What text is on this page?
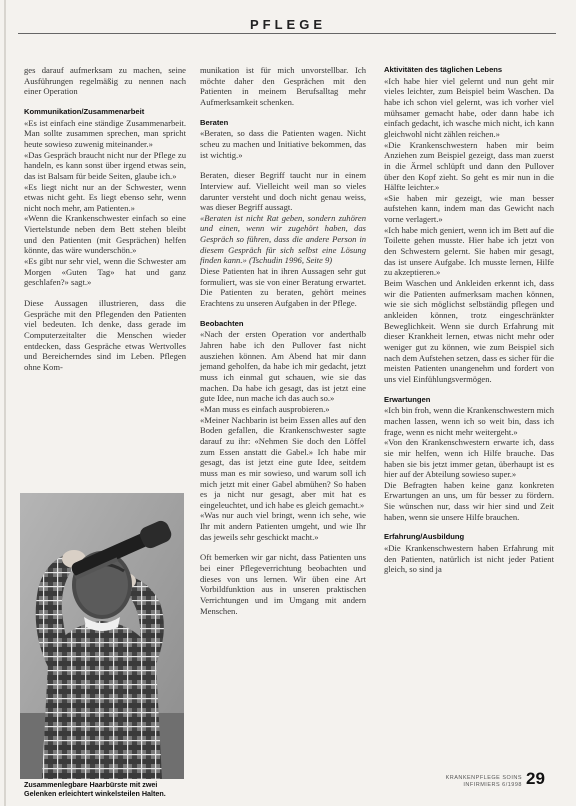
PFLEGE

ges darauf aufmerksam zu machen, seine Ausführungen regelmäßig zu nennen nach einer Operation

Kommunikation/Zusammenarbeit

«Es ist einfach eine ständige Zusammenarbeit. Man sollte zusammen sprechen, man spricht heute sowieso zuwenig miteinander.»

«Das Gespräch braucht nicht nur der Pflege zu handeln, es kann sonst über irgend etwas sein, das ist Balsam für beide Seiten, glaube ich.»

«Es liegt nicht nur an der Schwester, wenn etwas nicht geht. Es liegt ebenso sehr, wenn nicht noch mehr, am Patienten.»

«Wenn die Krankenschwester einfach so eine Viertelstunde neben dem Bett stehen bleibt und den Patienten (mit Gesprächen) helfen könnte, das wäre wunderschön.»

«Es gibt nur sehr viel, wenn die Schwester am Morgen «Guten Tag» hat und ganz geschlafen?» sagt.»

Diese Aussagen illustrieren, dass die Gespräche mit den Pflegenden den Patienten viel bedeuten. Ich denke, dass gerade im Computerzeitalter die Menschen wieder entdecken, dass Gespräche etwas Wertvolles und Bereicherndes sind im Leben. Pflegen ohne Kom-

Zusammenlegbare Haarbürste mit zwei Gelenken erleichtert winkelsteilen Halten.

munikation ist für mich unvorstellbar. Ich möchte daher den Gesprächen mit den Patienten in meinem Berufsalltag mehr Aufmerksamkeit schenken.

Beraten

«Beraten, so dass die Patienten wagen. Nicht scheu zu machen und Initiative bekommen, das ist wichtig.»

Beraten, dieser Begriff taucht nur in einem Interview auf. Vielleicht weil man so vieles darunter versteht und doch nicht genau weiss, was dieser Begriff aussagt.

«Beraten ist nicht Rat geben, sondern zuhören und einen, wenn wir zugehört haben, das Gespräch so führen, dass die andere Person in diesem Gespräch für sich selbst eine Lösung finden kann.» (Tschudin 1996, Seite 9)

Diese Patienten hat in ihren Aussagen sehr gut formuliert, was sie von einer Beratung erwartet. Die Patienten zu beraten, gehört meines Erachtens zu unseren Aufgaben in der Pflege.

Beobachten

«Nach der ersten Operation vor anderthalb Jahren habe ich den Pullover fast nicht ausziehen können. Am Abend hat mir dann jemand geholfen, da habe ich mir gedacht, jetzt muss ich einmal gut schauen, wie sie das machen. Da habe ich gesagt, das ist jetzt eine gute Idee, nun mache ich das auch so.»

«Man muss es einfach ausprobieren.»

«Meiner Nachbarin ist beim Essen alles auf den Boden gefallen, die Krankenschwester sagte darauf zu ihr: «Nehmen Sie doch den Löffel zum Essen anstatt die Gabel.» Ich habe mir gesagt, das ist jetzt eine gute Idee, seitdem muss man es mir sowieso, und warum soll ich mich jetzt mit einer Gabel abmühen? So haben es ja nicht nur gesagt, aber mit hat es eingeleuchtet, und ich habe es gleich gemacht.»

«Was nur auch viel bringt, wenn ich sehe, wie Ihr mit andern Patienten umgeht, und wie Ihr das jeweils sehr geschickt macht.»

Oft bemerken wir gar nicht, dass Patienten uns bei einer Pflegeverrichtung beobachten und dieses von uns lernen. Wir üben eine Art Vorbildfunktion aus in unseren praktischen Verrichtungen und im Umgang mit andern Menschen.

Aktivitäten des täglichen Lebens

«Ich habe hier viel gelernt und nun geht mir vieles leichter, zum Beispiel beim Waschen. Da habe ich schon viel gelernt, was ich vorher viel mühsamer gemacht habe, oder dann habe ich einfach gedacht, ich wasche mich nicht, ich kann gleichwohl nicht zählen reichen.»

«Die Krankenschwestern haben mir beim Anziehen zum Beispiel gezeigt, dass man zuerst in die Ärmel schlüpft und dann den Pullover über den Kopf zieht. So geht es mir nun in die Hälfte leichter.»

«Sie haben mir gezeigt, wie man besser aufstehen kann, indem man das Gewicht nach vorne verlagert.»

«Ich habe mich geniert, wenn ich im Bett auf die Toilette gehen musste. Hier habe ich jetzt von den Schwestern gelernt. Sie haben mir gesagt, das ist unsere Aufgabe. Ich musste lernen, Hilfe zu akzeptieren.»

Beim Waschen und Ankleiden erkennt ich, dass wir die Patienten aufmerksam machen können, wie sie sich möglichst selbständig pflegen und ankleiden können, trotz eingeschränkter Beweglichkeit. Wenn sie durch Erfahrung mit dieser Krankheit lernen, etwas nicht mehr oder weniger gut zu können, wie zum Beispiel sich nach dem Aufstehen setzen, dass es sicher für die meisten Patienten unangenehm und fordert von uns viel Einfühlungsvermögen.

Erwartungen

«Ich bin froh, wenn die Krankenschwestern mich machen lassen, wenn ich so weit bin, dass ich frage, wenn es nicht mehr weitergeht.»

«Von den Krankenschwestern erwarte ich, dass sie mir helfen, wenn ich Hilfe brauche. Das haben sie bis jetzt immer getan, überhaupt ist es hier auf der Abteilung sowieso super.»

Die Befragten haben keine ganz konkreten Erwartungen an uns, um für besser zu fördern. Sie wünschen nur, dass wir hier sind und Zeit haben, wenn sie unsere Hilfe brauchen.

Erfahrung/Ausbildung

«Die Krankenschwestern haben Erfahrung mit den Patienten, natürlich ist nicht jeder Patient gleich, so sind ja

KRANKENPFLEGE SOINS INFIRMIERS 6/1998 29
